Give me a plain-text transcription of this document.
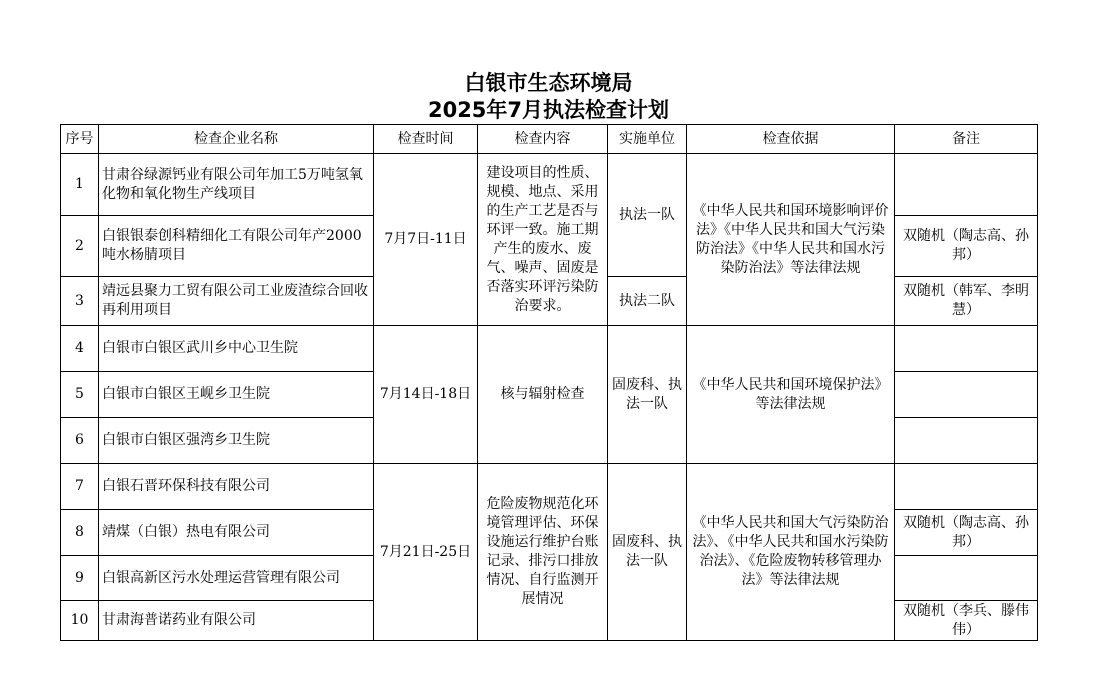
白银市生态环境局
2025年7月执法检查计划
序号	检查企业名称	检查时间	检查内容	实施单位	检查依据	备注
1	甘肃谷绿源钙业有限公司年加工5万吨氢氧化物和氧化物生产线项目	7月7日-11日	建设项目的性质、规模、地点、采用的生产工艺是否与环评一致。施工期产生的废水、废气、噪声、固废是否落实环评污染防治要求。	执法一队	《中华人民共和国环境影响评价法》《中华人民共和国大气污染防治法》《中华人民共和国水污染防治法》等法律法规	
2	白银银泰创科精细化工有限公司年产2000 吨水杨腈项目					双随机（陶志高、孙邦）
3	靖远县聚力工贸有限公司工业废渣综合回收再利用项目			执法二队		双随机（韩军、李明慧）
4	白银市白银区武川乡中心卫生院	7月14日-18日	核与辐射检查	固废科、执法一队	《中华人民共和国环境保护法》等法律法规	
5	白银市白银区王岘乡卫生院					
6	白银市白银区强湾乡卫生院					
7	白银石晋环保科技有限公司	7月21日-25日	危险废物规范化环境管理评估、环保设施运行维护台账记录、排污口排放情况、自行监测开展情况	固废科、执法一队	《中华人民共和国大气污染防治法》、《中华人民共和国水污染防治法》、《危险废物转移管理办法》等法律法规	
8	靖煤（白银）热电有限公司					双随机（陶志高、孙邦）
9	白银高新区污水处理运营管理有限公司					
10	甘肃海普诺药业有限公司					双随机（李兵、滕伟伟）
